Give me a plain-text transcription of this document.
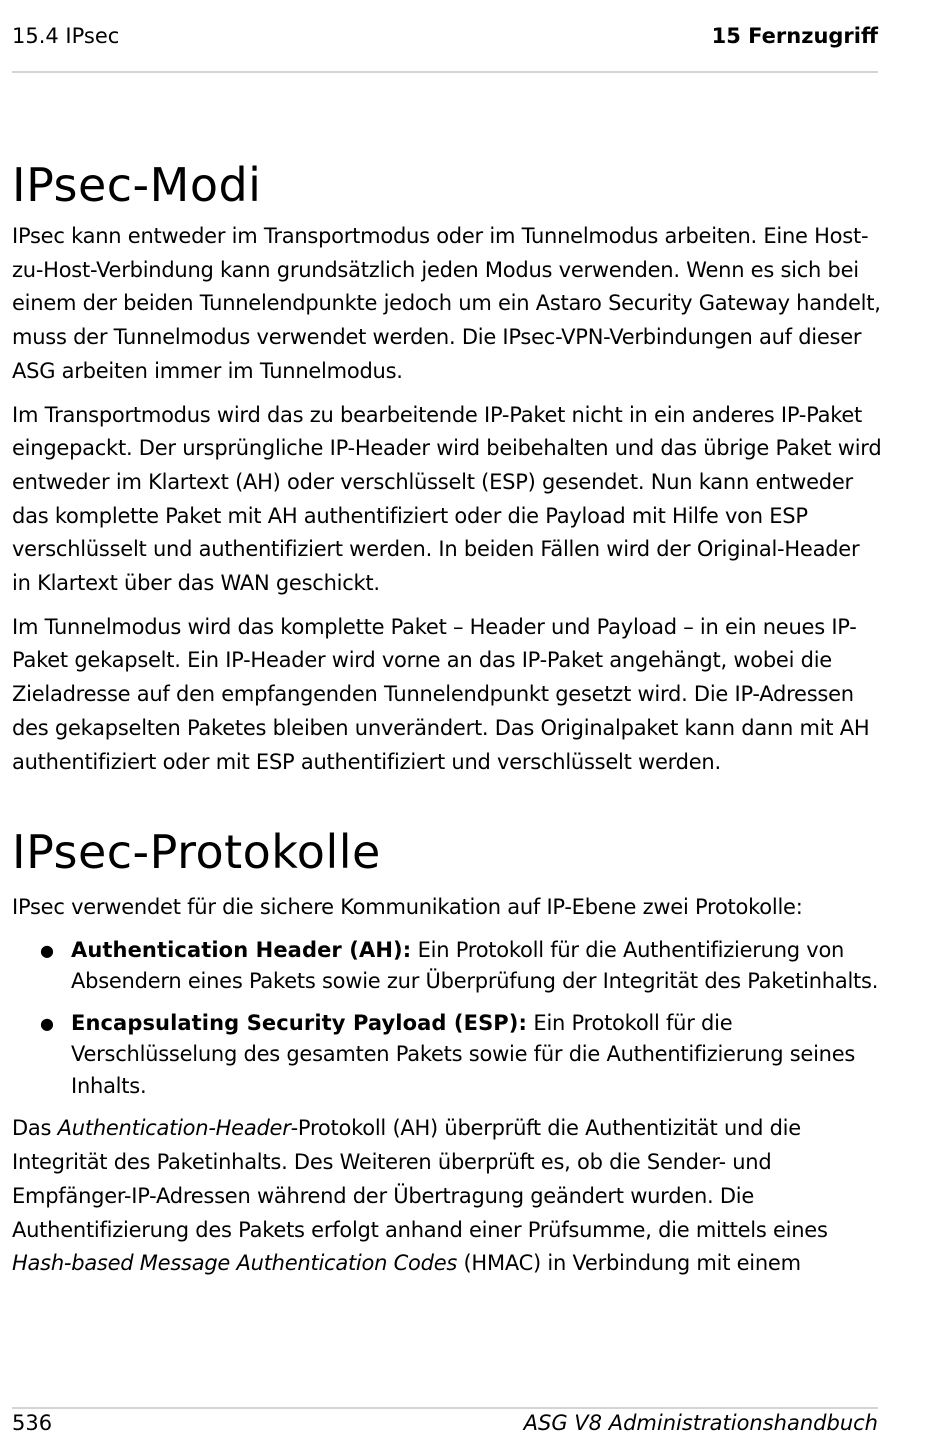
15.4 IPsec	15 Fernzugriff
IPsec-Modi

IPsec kann entweder im Transportmodus oder im Tunnelmodus arbeiten. Eine Host-zu-Host-Verbindung kann grundsätzlich jeden Modus verwenden. Wenn es sich bei einem der beiden Tunnelendpunkte jedoch um ein Astaro Security Gateway handelt, muss der Tunnelmodus verwendet werden. Die IPsec-VPN-Verbindungen auf dieser ASG arbeiten immer im Tunnelmodus.

Im Transportmodus wird das zu bearbeitende IP-Paket nicht in ein anderes IP-Paket eingepackt. Der ursprüngliche IP-Header wird beibehalten und das übrige Paket wird entweder im Klartext (AH) oder verschlüsselt (ESP) gesendet. Nun kann entweder das komplette Paket mit AH authentifiziert oder die Payload mit Hilfe von ESP verschlüsselt und authentifiziert werden. In beiden Fällen wird der Original-Header in Klartext über das WAN geschickt.

Im Tunnelmodus wird das komplette Paket – Header und Payload – in ein neues IP-Paket gekapselt. Ein IP-Header wird vorne an das IP-Paket angehängt, wobei die Zieladresse auf den empfangenden Tunnelendpunkt gesetzt wird. Die IP-Adressen des gekapselten Paketes bleiben unverändert. Das Originalpaket kann dann mit AH authentifiziert oder mit ESP authentifiziert und verschlüsselt werden.

IPsec-Protokolle

IPsec verwendet für die sichere Kommunikation auf IP-Ebene zwei Protokolle:

● Authentication Header (AH): Ein Protokoll für die Authentifizierung von Absendern eines Pakets sowie zur Überprüfung der Integrität des Paketinhalts.
● Encapsulating Security Payload (ESP): Ein Protokoll für die Verschlüsselung des gesamten Pakets sowie für die Authentifizierung seines Inhalts.

Das Authentication-Header-Protokoll (AH) überprüft die Authentizität und die Integrität des Paketinhalts. Des Weiteren überprüft es, ob die Sender- und Empfänger-IP-Adressen während der Übertragung geändert wurden. Die Authentifizierung des Pakets erfolgt anhand einer Prüfsumme, die mittels eines Hash-based Message Authentication Codes (HMAC) in Verbindung mit einem

536	ASG V8 Administrationshandbuch
